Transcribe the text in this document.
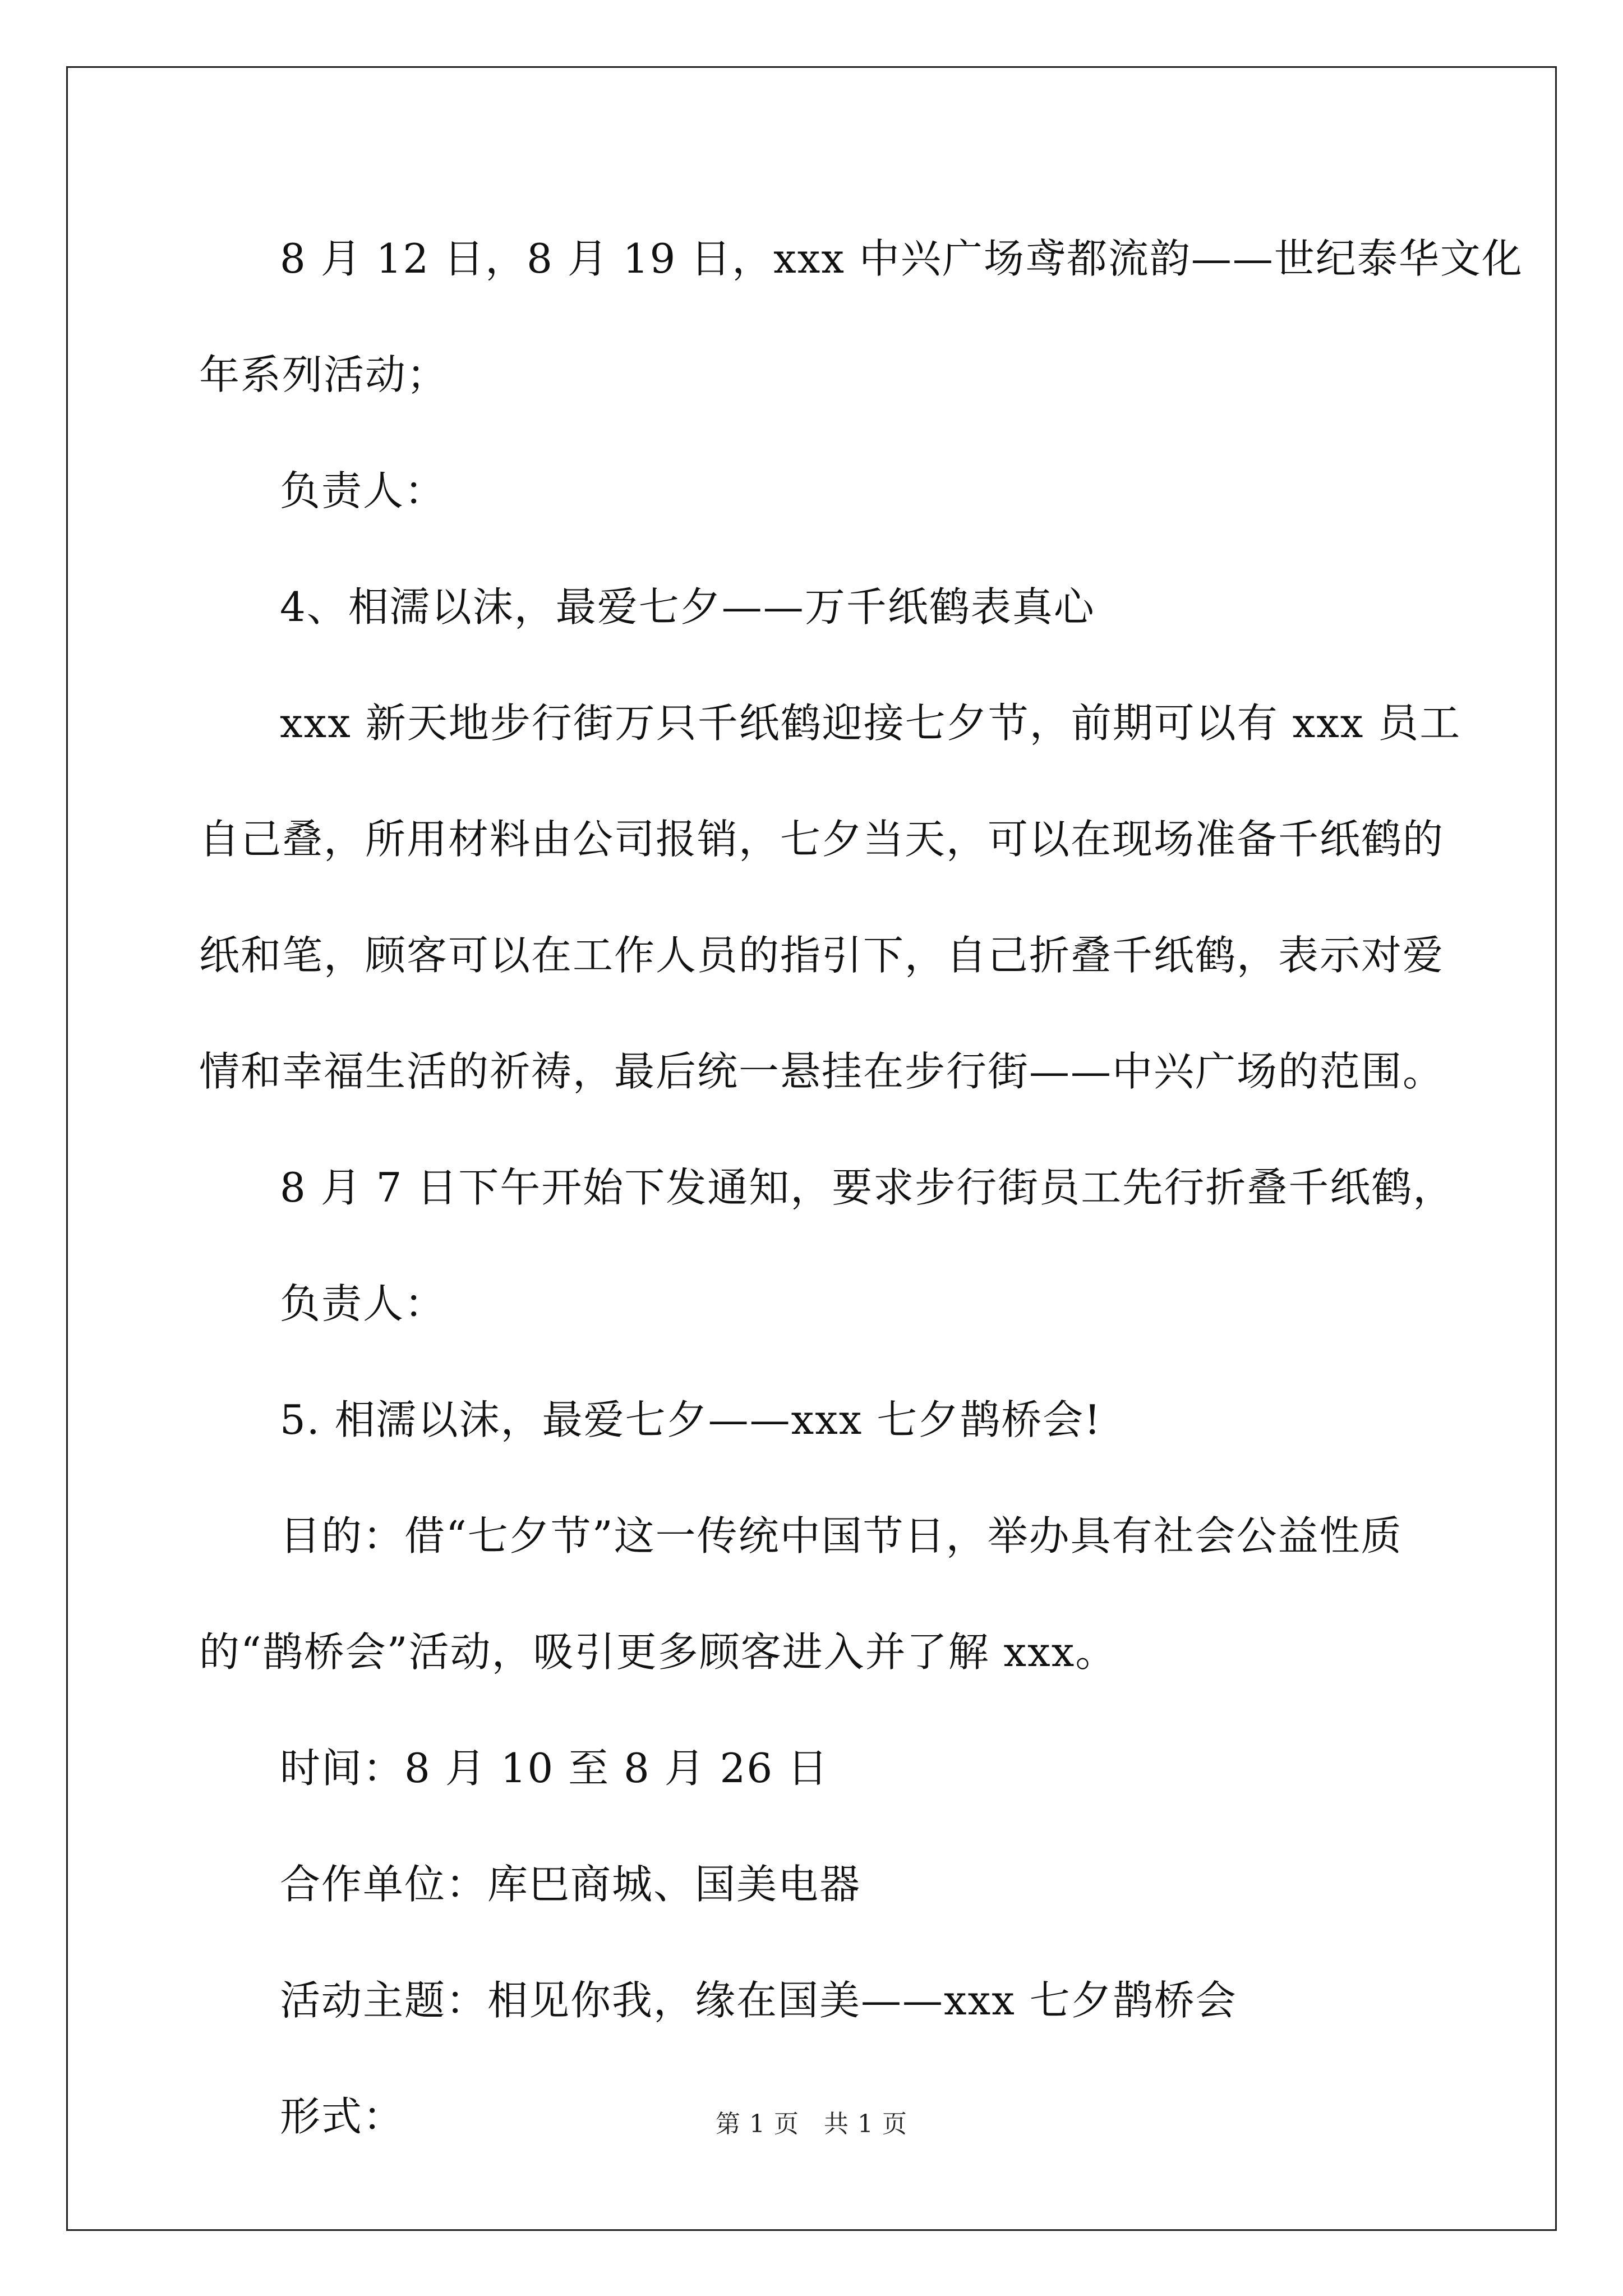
8 月 12 日，8 月 19 日，xxx 中兴广场鸢都流韵——世纪泰华文化

年系列活动；

负责人：

4、相濡以沫，最爱七夕——万千纸鹤表真心

xxx 新天地步行街万只千纸鹤迎接七夕节，前期可以有 xxx 员工

自己叠，所用材料由公司报销，七夕当天，可以在现场准备千纸鹤的

纸和笔，顾客可以在工作人员的指引下，自己折叠千纸鹤，表示对爱

情和幸福生活的祈祷，最后统一悬挂在步行街——中兴广场的范围。

8 月 7 日下午开始下发通知，要求步行街员工先行折叠千纸鹤，

负责人：

5. 相濡以沫，最爱七夕——xxx 七夕鹊桥会!

目的：借“七夕节”这一传统中国节日，举办具有社会公益性质

的“鹊桥会”活动，吸引更多顾客进入并了解 xxx。

时间：8 月 10 至 8 月 26 日

合作单位：库巴商城、国美电器

活动主题：相见你我，缘在国美——xxx 七夕鹊桥会

形式：	第 1 页 共 1 页
